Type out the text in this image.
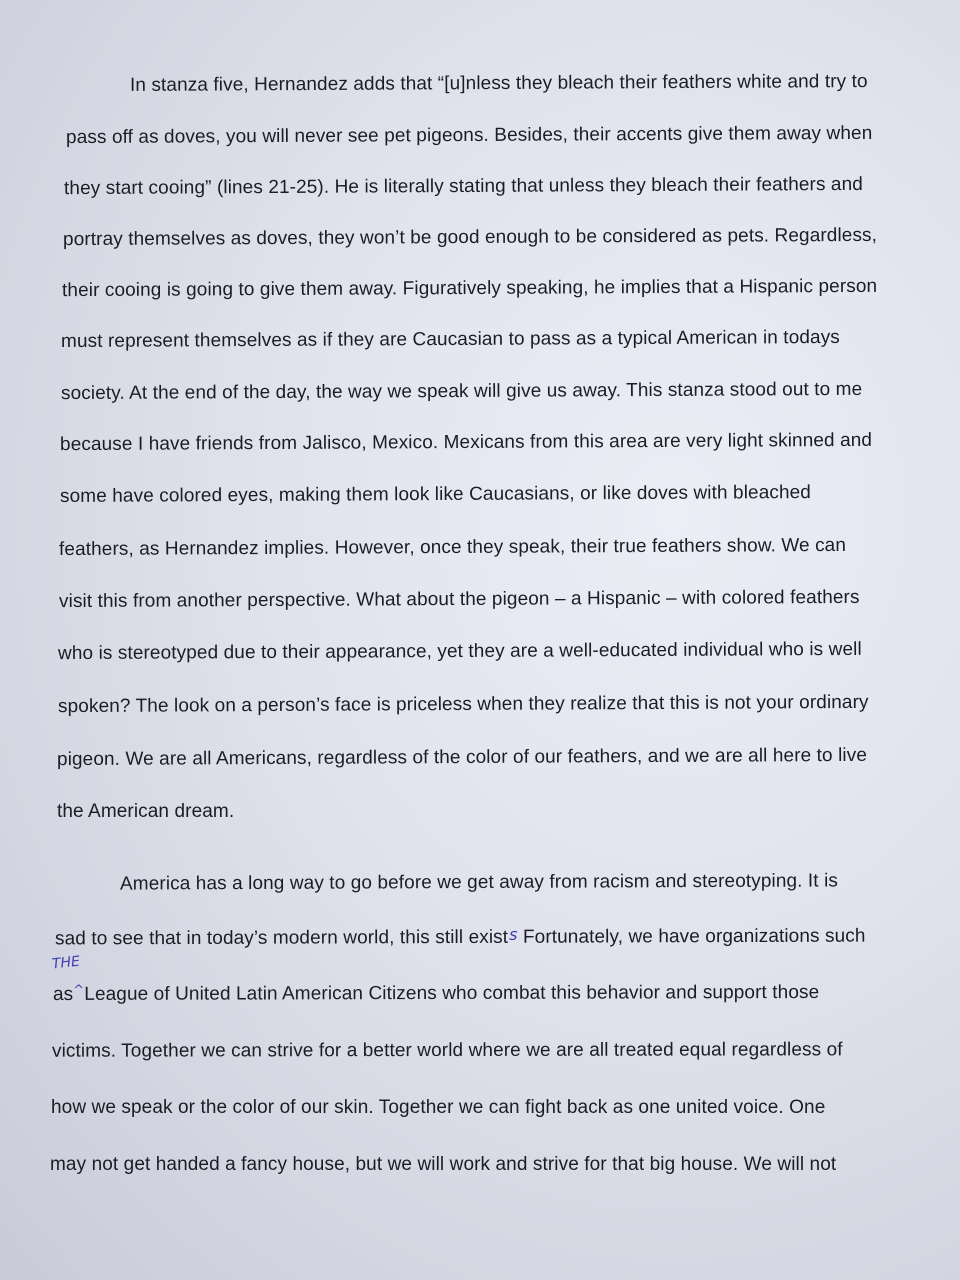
In stanza five, Hernandez adds that “[u]nless they bleach their feathers white and try to
pass off as doves, you will never see pet pigeons. Besides, their accents give them away when
they start cooing” (lines 21-25). He is literally stating that unless they bleach their feathers and
portray themselves as doves, they won’t be good enough to be considered as pets. Regardless,
their cooing is going to give them away. Figuratively speaking, he implies that a Hispanic person
must represent themselves as if they are Caucasian to pass as a typical American in todays
society. At the end of the day, the way we speak will give us away. This stanza stood out to me
because I have friends from Jalisco, Mexico. Mexicans from this area are very light skinned and
some have colored eyes, making them look like Caucasians, or like doves with bleached
feathers, as Hernandez implies. However, once they speak, their true feathers show. We can
visit this from another perspective. What about the pigeon – a Hispanic – with colored feathers
who is stereotyped due to their appearance, yet they are a well-educated individual who is well
spoken? The look on a person’s face is priceless when they realize that this is not your ordinary
pigeon. We are all Americans, regardless of the color of our feathers, and we are all here to live
the American dream.
America has a long way to go before we get away from racism and stereotyping. It is
sad to see that in today’s modern world, this still exists Fortunately, we have organizations such
THE
as^League of United Latin American Citizens who combat this behavior and support those
victims. Together we can strive for a better world where we are all treated equal regardless of
how we speak or the color of our skin. Together we can fight back as one united voice. One
may not get handed a fancy house, but we will work and strive for that big house. We will not
